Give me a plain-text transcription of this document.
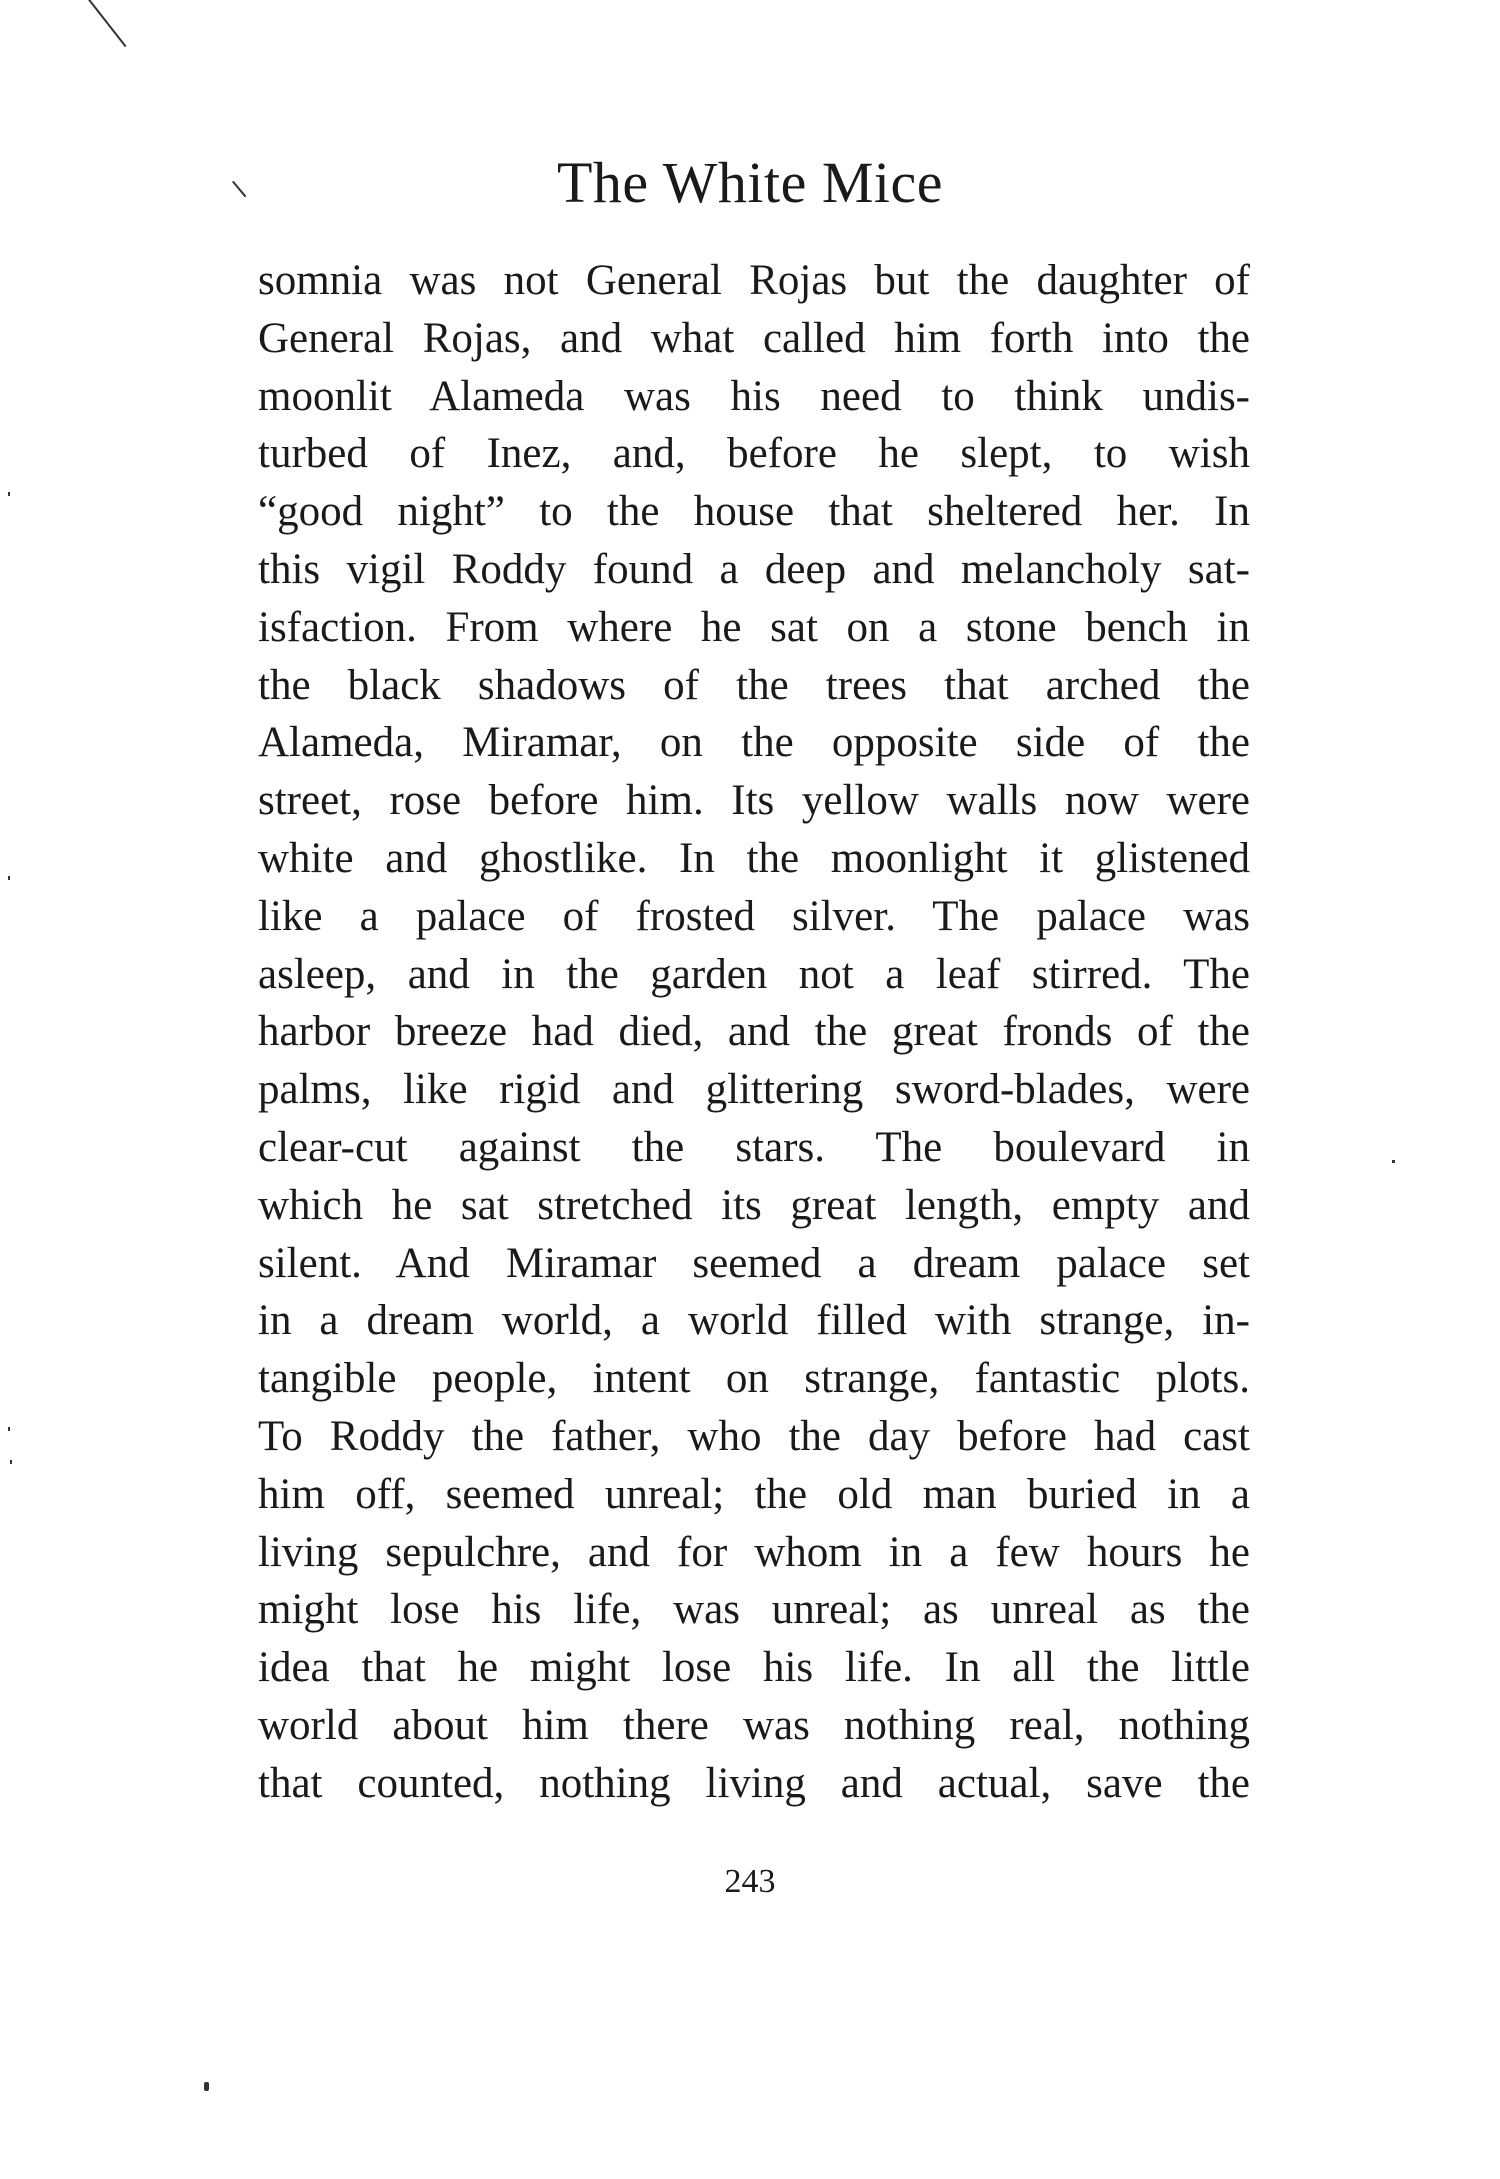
The White Mice
somnia was not General Rojas but the daughter of
General Rojas, and what called him forth into the
moonlit Alameda was his need to think undis-
turbed of Inez, and, before he slept, to wish
“good night” to the house that sheltered her. In
this vigil Roddy found a deep and melancholy sat-
isfaction. From where he sat on a stone bench in
the black shadows of the trees that arched the
Alameda, Miramar, on the opposite side of the
street, rose before him. Its yellow walls now were
white and ghostlike. In the moonlight it glistened
like a palace of frosted silver. The palace was
asleep, and in the garden not a leaf stirred. The
harbor breeze had died, and the great fronds of the
palms, like rigid and glittering sword-blades, were
clear-cut against the stars. The boulevard in
which he sat stretched its great length, empty and
silent. And Miramar seemed a dream palace set
in a dream world, a world filled with strange, in-
tangible people, intent on strange, fantastic plots.
To Roddy the father, who the day before had cast
him off, seemed unreal; the old man buried in a
living sepulchre, and for whom in a few hours he
might lose his life, was unreal; as unreal as the
idea that he might lose his life. In all the little
world about him there was nothing real, nothing
that counted, nothing living and actual, save the
243
